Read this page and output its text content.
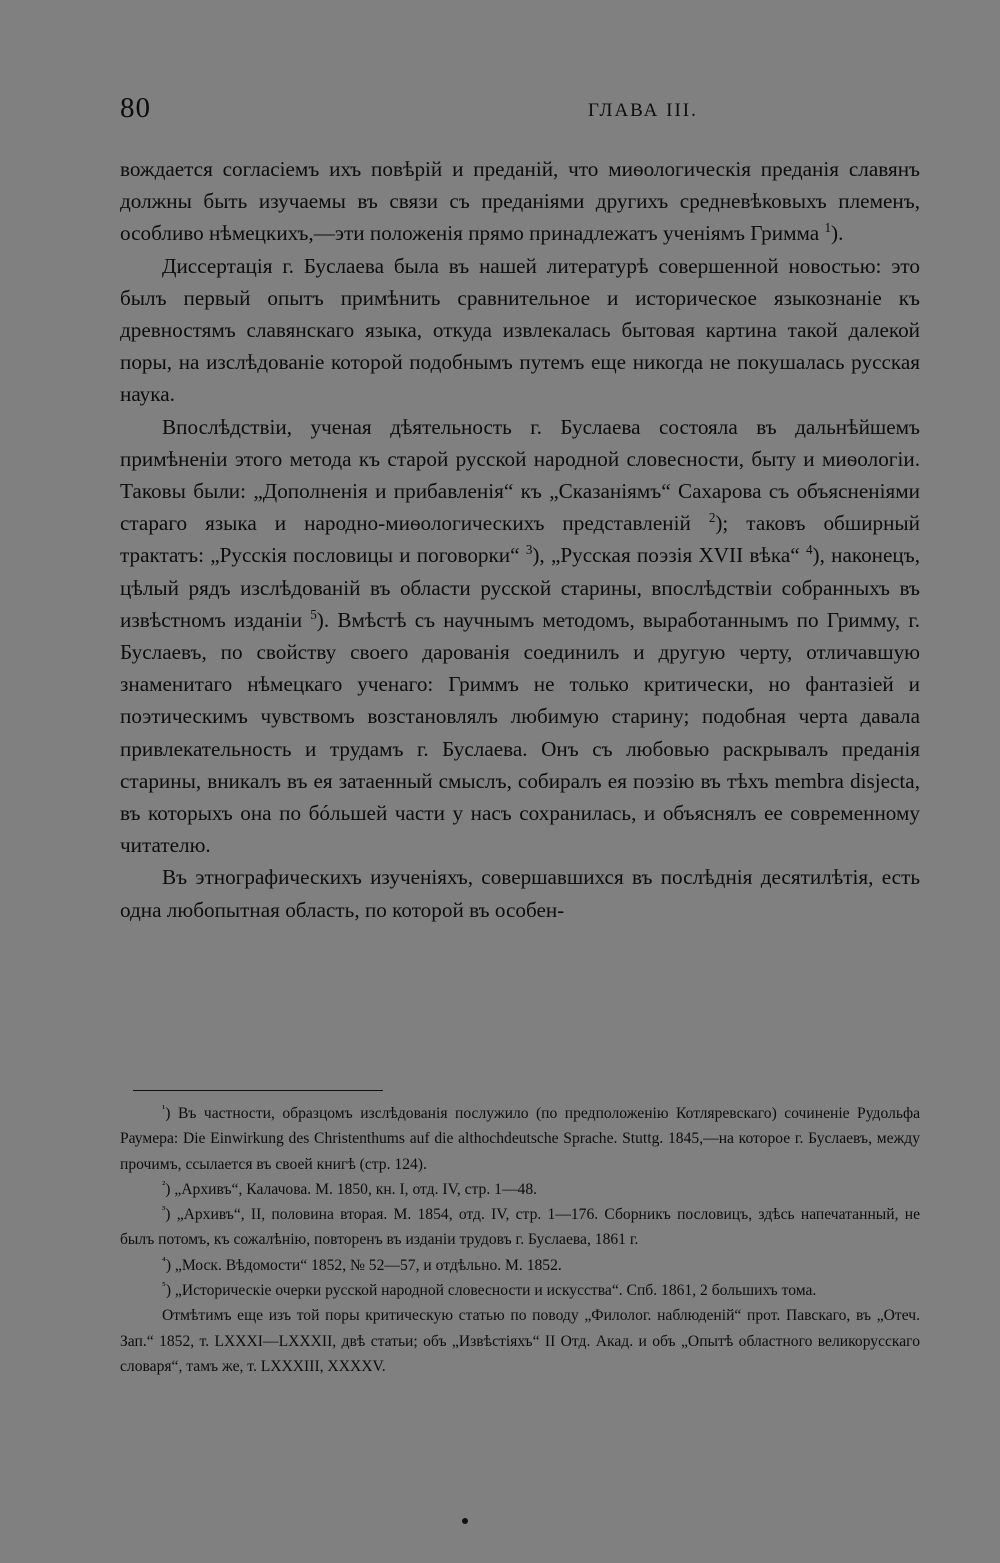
80	ГЛАВА III.

вождается согласіемъ ихъ повѣрій и преданій, что миѳологическія преданія славянъ должны быть изучаемы въ связи съ преданіями другихъ средневѣковыхъ племенъ, особливо нѣмецкихъ,—эти положенія прямо принадлежатъ ученіямъ Гримма $^1$).

Диссертація г. Буслаева была въ нашей литературѣ совершенной новостью: это былъ первый опытъ примѣнить сравнительное и историческое языкознаніе къ древностямъ славянскаго языка, откуда извлекалась бытовая картина такой далекой поры, на изслѣдованіе которой подобнымъ путемъ еще никогда не покушалась русская наука.

Впослѣдствіи, ученая дѣятельность г. Буслаева состояла въ дальнѣйшемъ примѣненіи этого метода къ старой русской народной словесности, быту и миѳологіи. Таковы были: „Дополненія и прибавленія“ къ „Сказаніямъ“ Сахарова съ объясненіями стараго языка и народно-миѳологическихъ представленій $^2$); таковъ обширный трактатъ: „Русскія пословицы и поговорки“ $^3$), „Русская поэзія XVII вѣка“ $^4$), наконецъ, цѣлый рядъ изслѣдованій въ области русской старины, впослѣдствіи собранныхъ въ извѣстномъ изданіи $^5$). Вмѣстѣ съ научнымъ методомъ, выработаннымъ по Гримму, г. Буслаевъ, по свойству своего дарованія соединилъ и другую черту, отличавшую знаменитаго нѣмецкаго ученаго: Гриммъ не только критически, но фантазіей и поэтическимъ чувствомъ возстановлялъ любимую старину; подобная черта давала привлекательность и трудамъ г. Буслаева. Онъ съ любовью раскрывалъ преданія старины, вникалъ въ ея затаенный смыслъ, собиралъ ея поэзію въ тѣхъ membra disjecta, въ которыхъ она по бóльшей части у насъ сохранилась, и объяснялъ ее современному читателю.

Въ этнографическихъ изученіяхъ, совершавшихся въ послѣднія десятилѣтія, есть одна любопытная область, по которой въ особен-

$^{^1}$) Въ частности, образцомъ изслѣдованія послужило (по предположенію Котляревскаго) сочиненіе Рудольфа Раумера: Die Einwirkung des Christenthums auf die althochdeutsche Sprache. Stuttg. 1845,—на которое г. Буслаевъ, между прочимъ, ссылается въ своей книгѣ (стр. 124).

$^{^2}$) „Архивъ“, Калачова. М. 1850, кн. I, отд. IV, стр. 1—48.

$^{^3}$) „Архивъ“, II, половина вторая. М. 1854, отд. IV, стр. 1—176. Сборникъ пословицъ, здѣсь напечатанный, не былъ потомъ, къ сожалѣнію, повторенъ въ изданіи трудовъ г. Буслаева, 1861 г.

$^{^4}$) „Моск. Вѣдомости“ 1852, № 52—57, и отдѣльно. М. 1852.

$^{^5}$) „Историческіе очерки русской народной словесности и искусства“. Спб. 1861, 2 большихъ тома.

Отмѣтимъ еще изъ той поры критическую статью по поводу „Филолог. наблюденій“ прот. Павскаго, въ „Отеч. Зап.“ 1852, т. LXXXI—LXXXII, двѣ статьи; объ „Извѣстіяхъ“ II Отд. Акад. и объ „Опытѣ областного великорусскаго словаря“, тамъ же, т. LXXXIII, XXXXV.
